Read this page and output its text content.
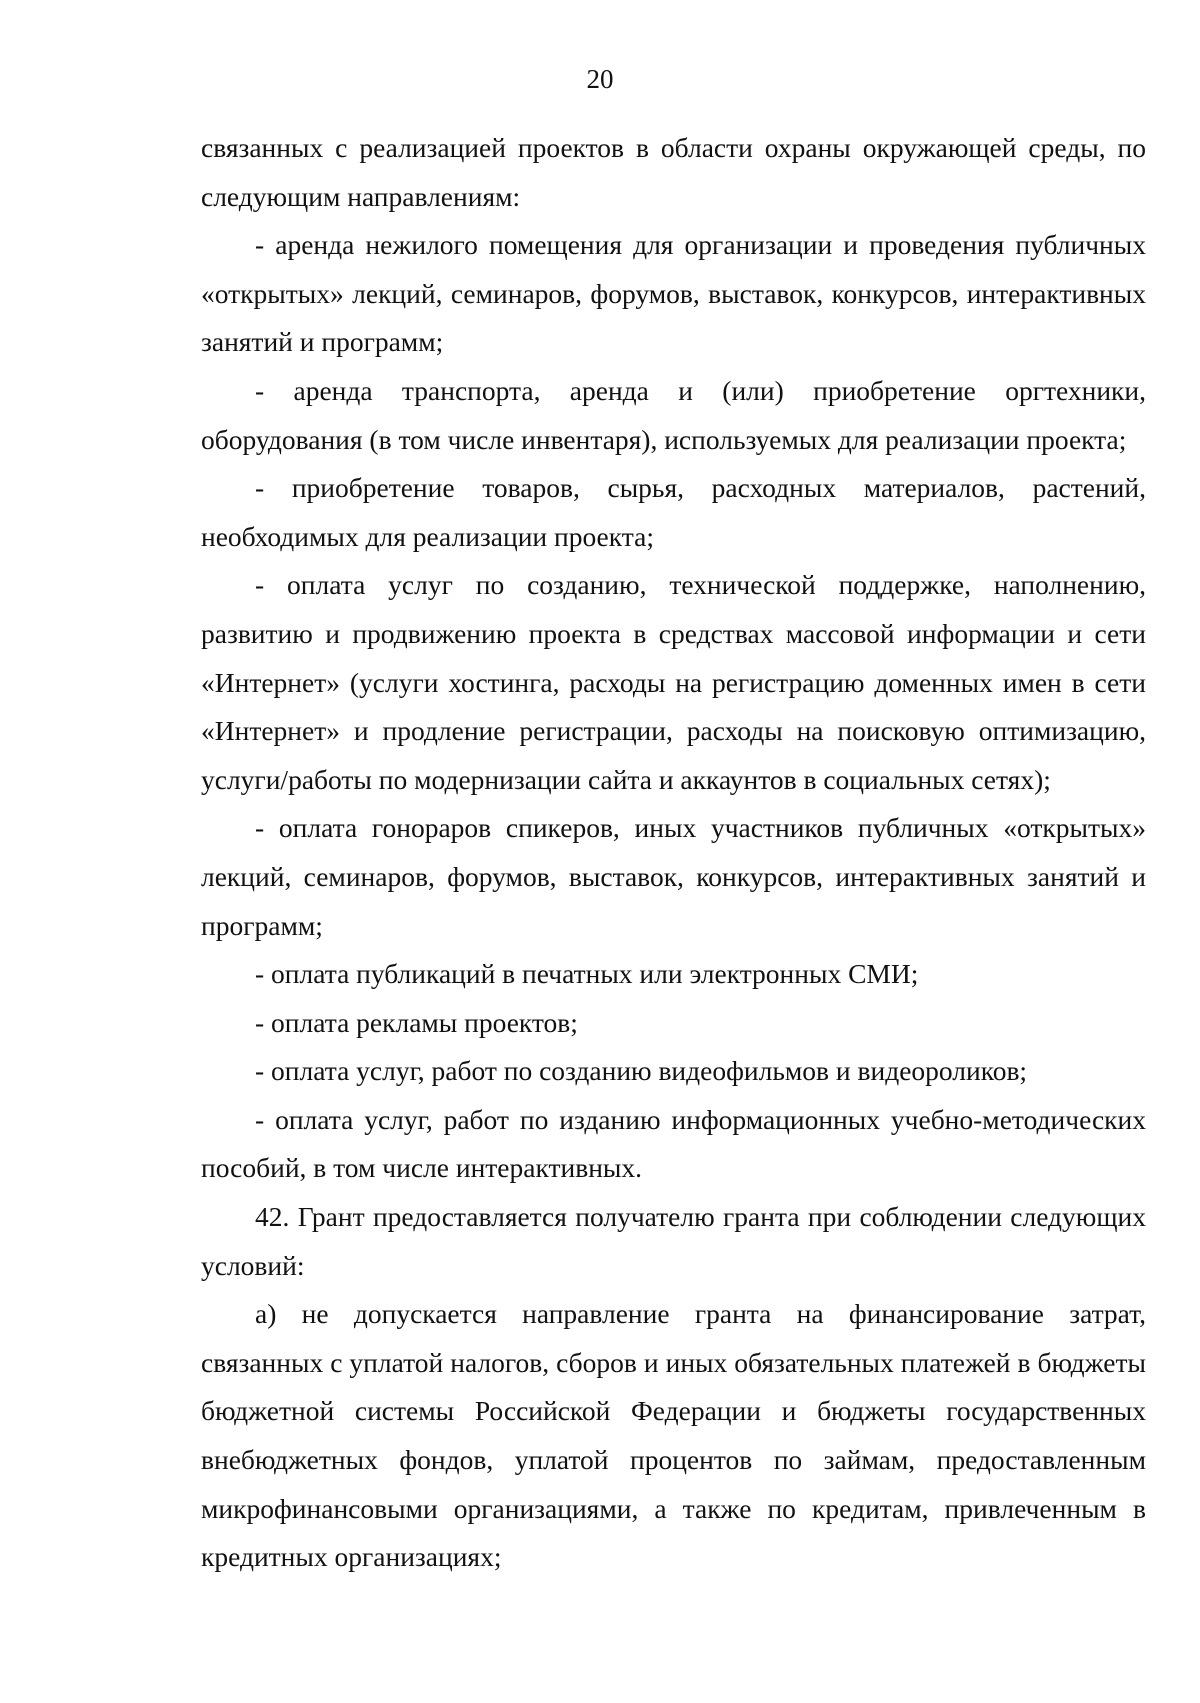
20

связанных с реализацией проектов в области охраны окружающей среды, по следующим направлениям:

- аренда нежилого помещения для организации и проведения публичных «открытых» лекций, семинаров, форумов, выставок, конкурсов, интерактивных занятий и программ;

- аренда транспорта, аренда и (или) приобретение оргтехники, оборудования (в том числе инвентаря), используемых для реализации проекта;

- приобретение товаров, сырья, расходных материалов, растений, необходимых для реализации проекта;

- оплата услуг по созданию, технической поддержке, наполнению, развитию и продвижению проекта в средствах массовой информации и сети «Интернет» (услуги хостинга, расходы на регистрацию доменных имен в сети «Интернет» и продление регистрации, расходы на поисковую оптимизацию, услуги/работы по модернизации сайта и аккаунтов в социальных сетях);

- оплата гонораров спикеров, иных участников публичных «открытых» лекций, семинаров, форумов, выставок, конкурсов, интерактивных занятий и программ;

- оплата публикаций в печатных или электронных СМИ;

- оплата рекламы проектов;

- оплата услуг, работ по созданию видеофильмов и видеороликов;

- оплата услуг, работ по изданию информационных учебно-методических пособий, в том числе интерактивных.

42. Грант предоставляется получателю гранта при соблюдении следующих условий:

а) не допускается направление гранта на финансирование затрат, связанных с уплатой налогов, сборов и иных обязательных платежей в бюджеты бюджетной системы Российской Федерации и бюджеты государственных внебюджетных фондов, уплатой процентов по займам, предоставленным микрофинансовыми организациями, а также по кредитам, привлеченным в кредитных организациях;
